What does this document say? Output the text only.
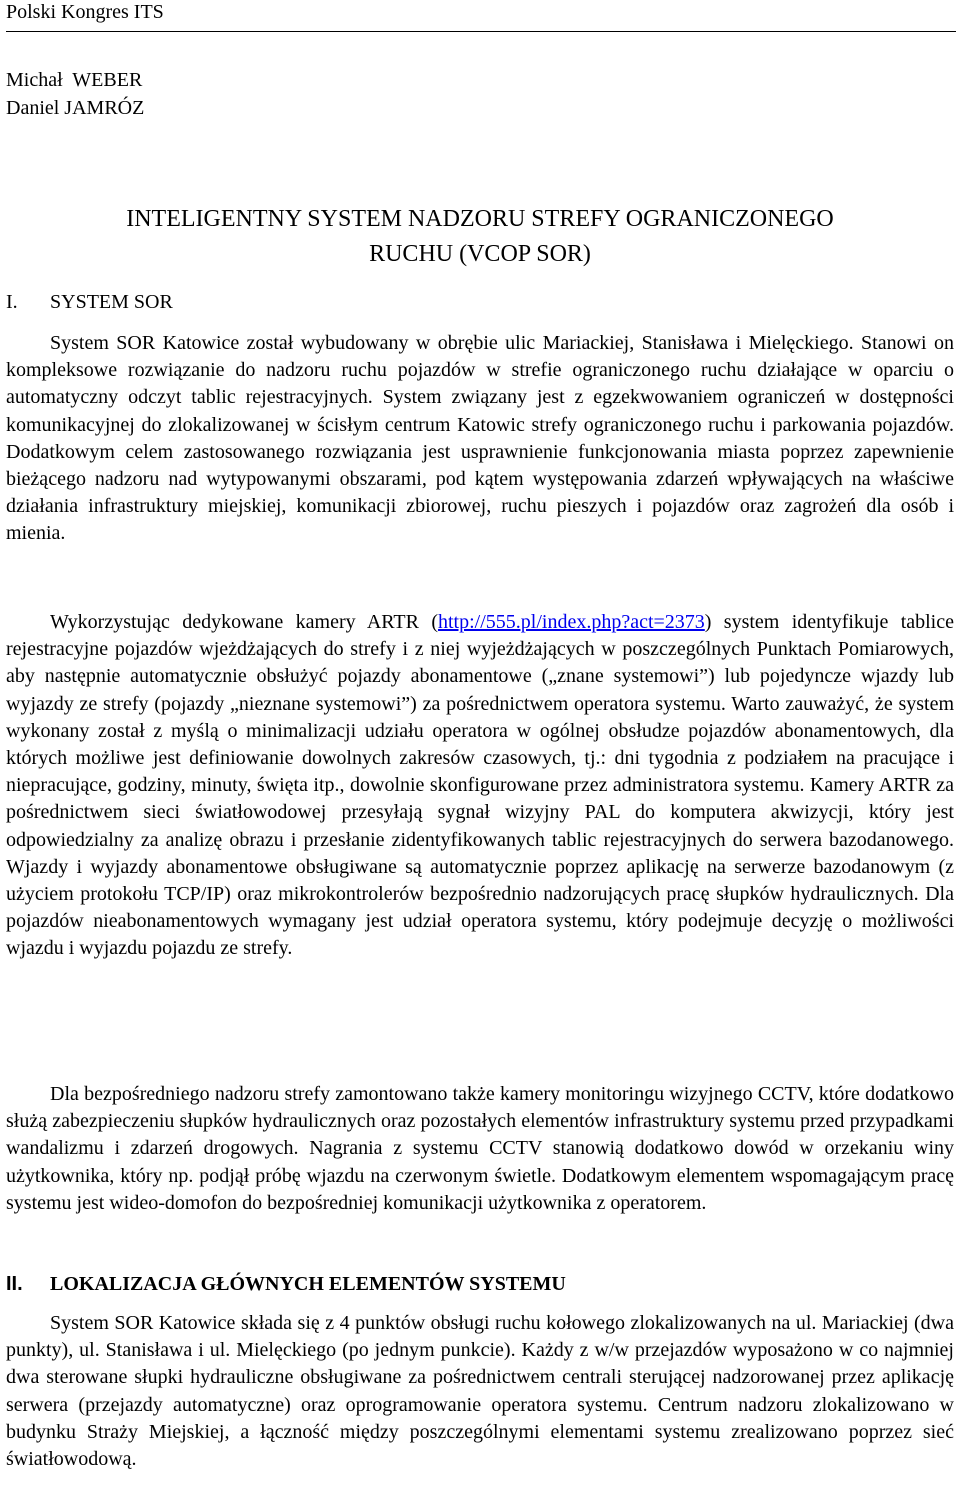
Polski Kongres ITS
Michał  WEBER
Daniel JAMRÓZ
INTELIGENTNY SYSTEM NADZORU STREFY OGRANICZONEGO
RUCHU (VCOP SOR)
I. SYSTEM SOR

System SOR Katowice został wybudowany w obrębie ulic Mariackiej, Stanisława i Mielęckiego. Stanowi on kompleksowe rozwiązanie do nadzoru ruchu pojazdów w strefie ograniczonego ruchu działające w oparciu o automatyczny odczyt tablic rejestracyjnych. System związany jest z egzekwowaniem ograniczeń w dostępności komunikacyjnej do zlokalizowanej w ścisłym centrum Katowic strefy ograniczonego ruchu i parkowania pojazdów. Dodatkowym celem zastosowanego rozwiązania jest usprawnienie funkcjonowania miasta poprzez zapewnienie bieżącego nadzoru nad wytypowanymi obszarami, pod kątem występowania zdarzeń wpływających na właściwe działania infrastruktury miejskiej, komunikacji zbiorowej, ruchu pieszych i pojazdów oraz zagrożeń dla osób i mienia.

Wykorzystując dedykowane kamery ARTR (http://555.pl/index.php?act=2373) system identyfikuje tablice rejestracyjne pojazdów wjeżdżających do strefy i z niej wyjeżdżających w poszczególnych Punktach Pomiarowych, aby następnie automatycznie obsłużyć pojazdy abonamentowe („znane systemowi”) lub pojedyncze wjazdy lub wyjazdy ze strefy (pojazdy „nieznane systemowi”) za pośrednictwem operatora systemu. Warto zauważyć, że system wykonany został z myślą o minimalizacji udziału operatora w ogólnej obsłudze pojazdów abonamentowych, dla których możliwe jest definiowanie dowolnych zakresów czasowych, tj.: dni tygodnia z podziałem na pracujące i niepracujące, godziny, minuty, święta itp., dowolnie skonfigurowane przez administratora systemu. Kamery ARTR za pośrednictwem sieci światłowodowej przesyłają sygnał wizyjny PAL do komputera akwizycji, który jest odpowiedzialny za analizę obrazu i przesłanie zidentyfikowanych tablic rejestracyjnych do serwera bazodanowego. Wjazdy i wyjazdy abonamentowe obsługiwane są automatycznie poprzez aplikację na serwerze bazodanowym (z użyciem protokołu TCP/IP) oraz mikrokontrolerów bezpośrednio nadzorujących pracę słupków hydraulicznych. Dla pojazdów nieabonamentowych wymagany jest udział operatora systemu, który podejmuje decyzję o możliwości wjazdu i wyjazdu pojazdu ze strefy.

Dla bezpośredniego nadzoru strefy zamontowano także kamery monitoringu wizyjnego CCTV, które dodatkowo służą zabezpieczeniu słupków hydraulicznych oraz pozostałych elementów infrastruktury systemu przed przypadkami wandalizmu i zdarzeń drogowych. Nagrania z systemu CCTV stanowią dodatkowo dowód w orzekaniu winy użytkownika, który np. podjął próbę wjazdu na czerwonym świetle. Dodatkowym elementem wspomagającym pracę systemu jest wideo-domofon do bezpośredniej komunikacji użytkownika z operatorem.

II. LOKALIZACJA GŁÓWNYCH ELEMENTÓW SYSTEMU

System SOR Katowice składa się z 4 punktów obsługi ruchu kołowego zlokalizowanych na ul. Mariackiej (dwa punkty), ul. Stanisława i ul. Mielęckiego (po jednym punkcie). Każdy z w/w przejazdów wyposażono w co najmniej dwa sterowane słupki hydrauliczne obsługiwane za pośrednictwem centrali sterującej nadzorowanej przez aplikację serwera (przejazdy automatyczne) oraz oprogramowanie operatora systemu. Centrum nadzoru zlokalizowano w budynku Straży Miejskiej, a łączność między poszczególnymi elementami systemu zrealizowano poprzez sieć światłowodową.
